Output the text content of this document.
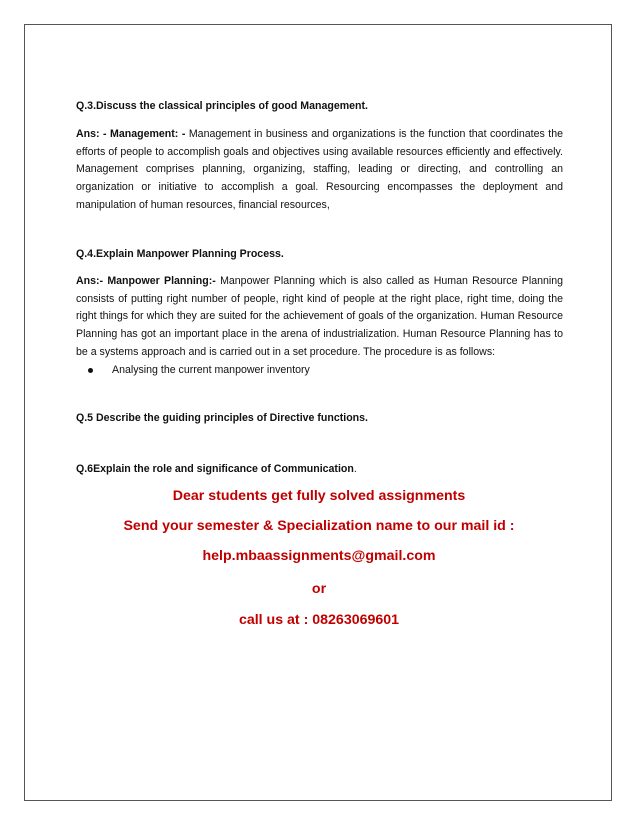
Q.3.Discuss the classical principles of good Management.

Ans: - Management: - Management in business and organizations is the function that coordinates the efforts of people to accomplish goals and objectives using available resources efficiently and effectively. Management comprises planning, organizing, staffing, leading or directing, and controlling an organization or initiative to accomplish a goal. Resourcing encompasses the deployment and manipulation of human resources, financial resources,

Q.4.Explain Manpower Planning Process.

Ans:- Manpower Planning:- Manpower Planning which is also called as Human Resource Planning consists of putting right number of people, right kind of people at the right place, right time, doing the right things for which they are suited for the achievement of goals of the organization. Human Resource Planning has got an important place in the arena of industrialization. Human Resource Planning has to be a systems approach and is carried out in a set procedure. The procedure is as follows:

Analysing the current manpower inventory

Q.5 Describe the guiding principles of Directive functions.

Q.6Explain the role and significance of Communication.

Dear students get fully solved assignments
Send your semester & Specialization name to our mail id :
help.mbaassignments@gmail.com
or
call us at : 08263069601
